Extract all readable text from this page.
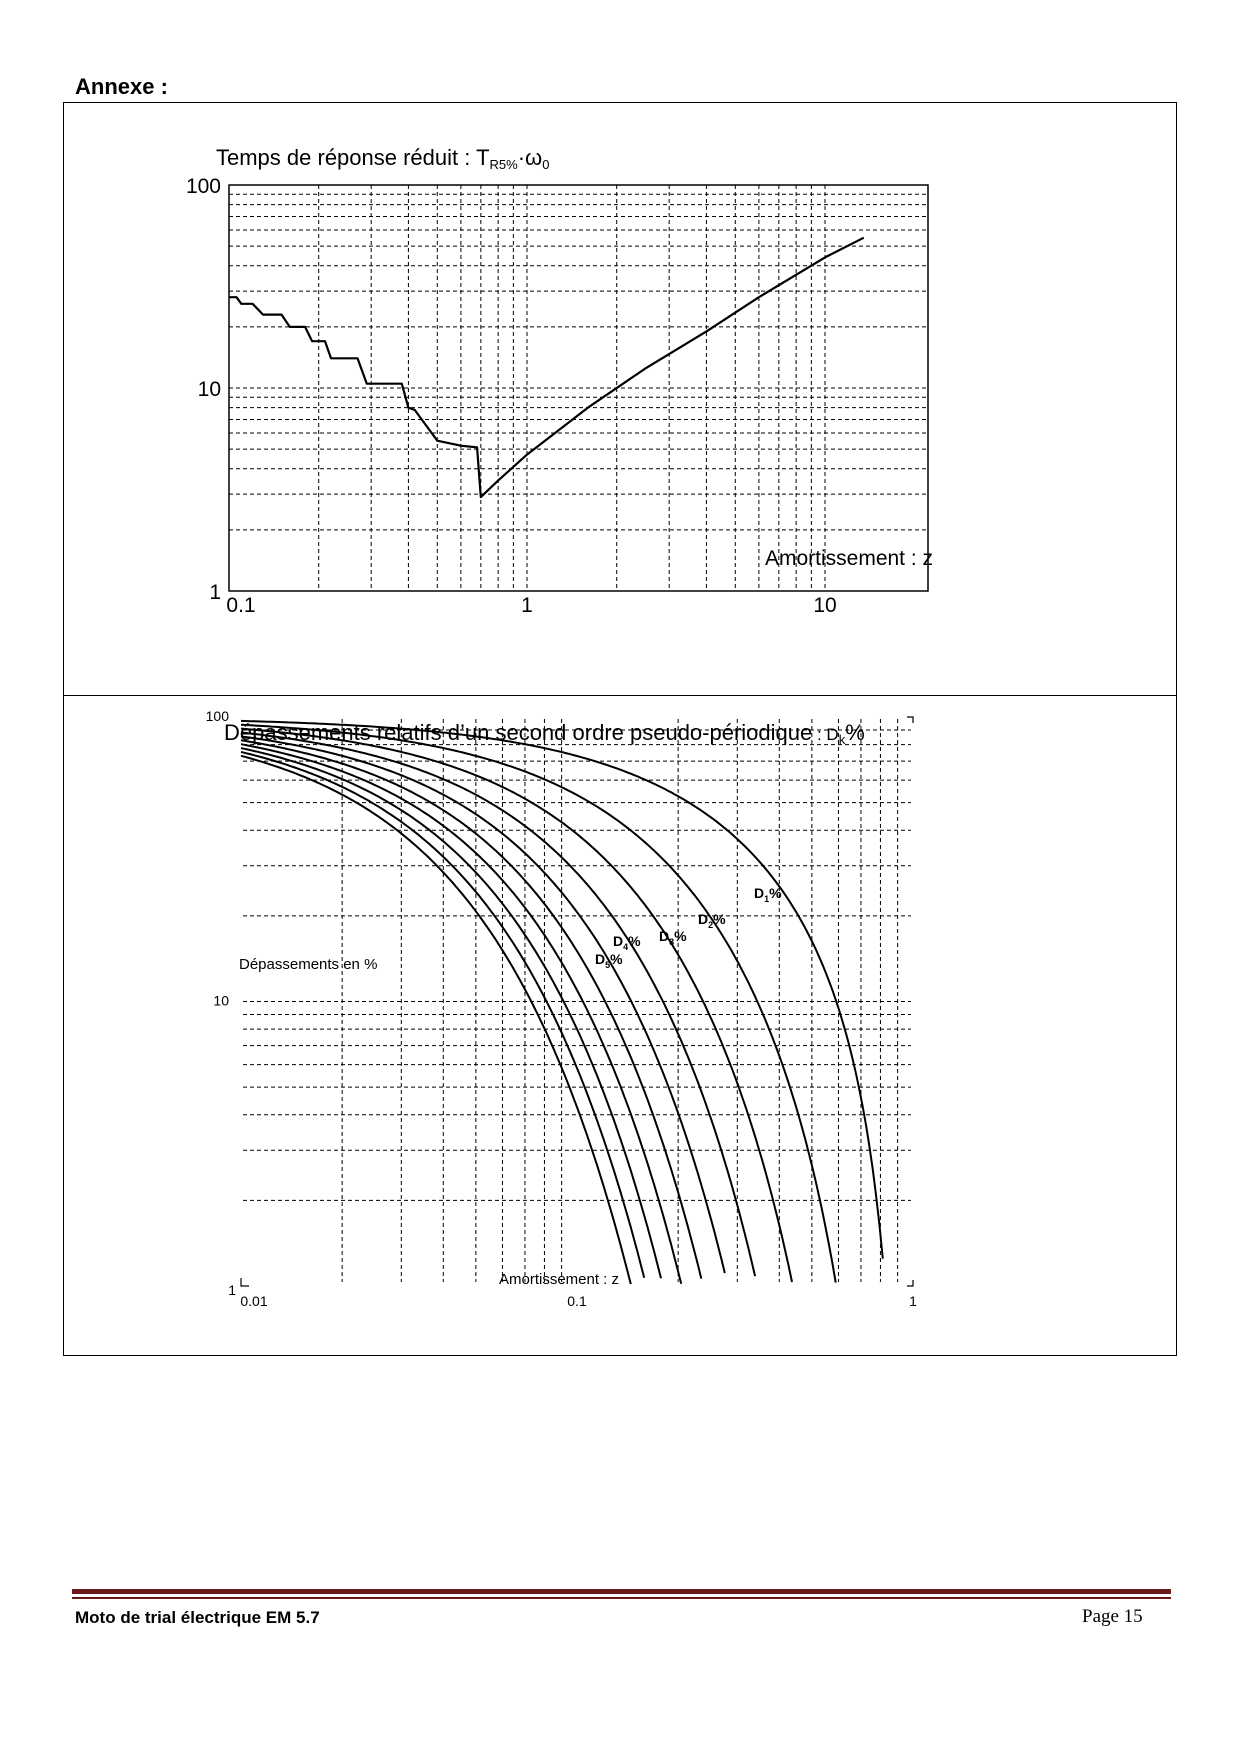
Annexe :
Temps de réponse réduit : $T_{R5\%}\cdot\omega_0$
Dépassements relatifs d’un second ordre pseudo-périodique : $D_k\%$
100
10
1
0.1	1	10
Amortissement : z
$D_1\%$
$D_2\%$
$D_3\%$
$D_4\%$
$D_5\%$
Dépassements en %
Amortissement : z
100
10
1
0.01	0.1	1
Moto de trial électrique EM 5.7	Page 15
